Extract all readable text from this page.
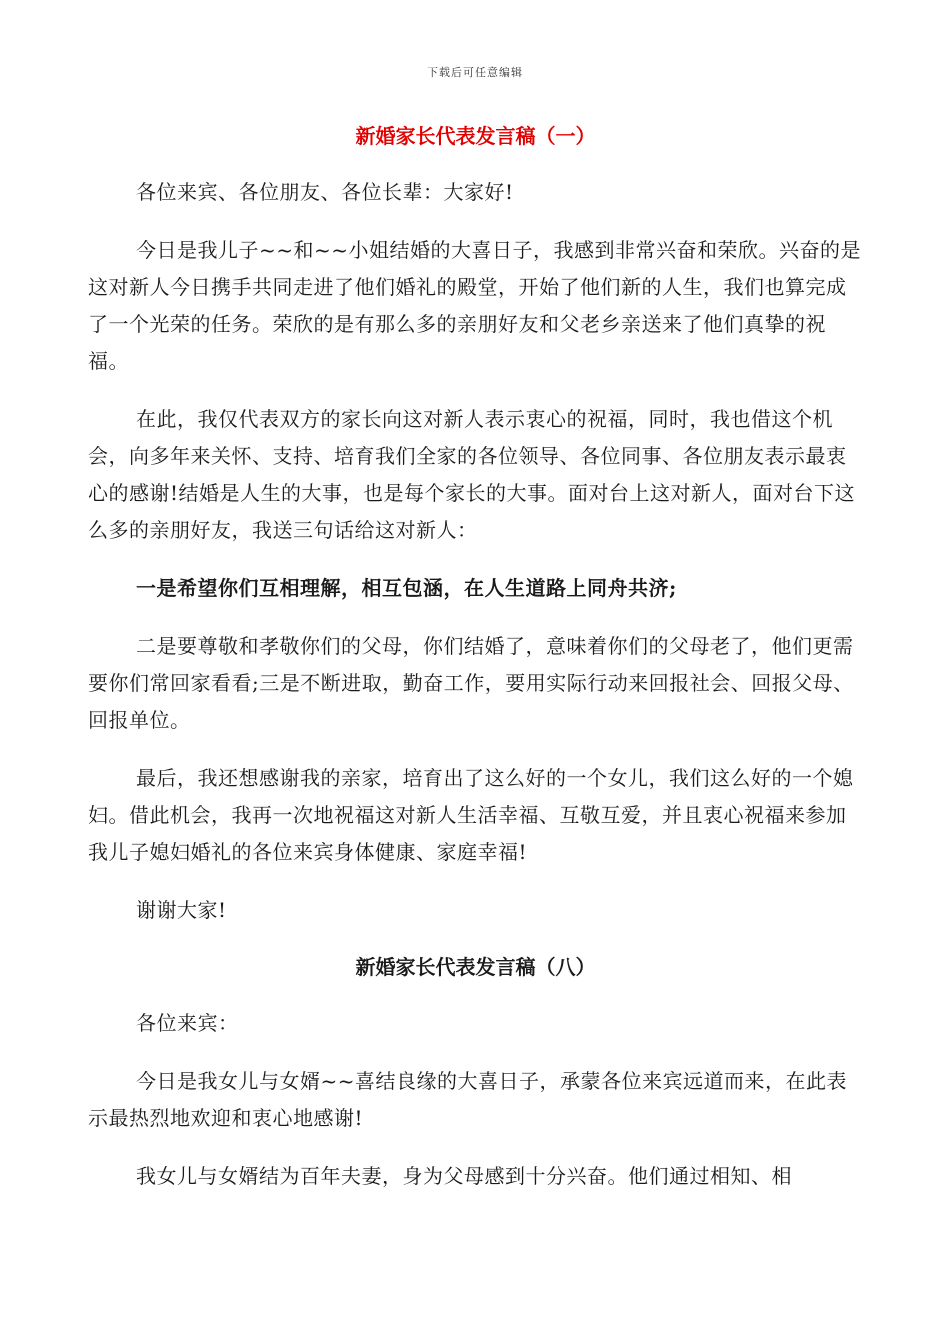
下载后可任意编辑
新婚家长代表发言稿（一）

各位来宾、各位朋友、各位长辈：大家好!

今日是我儿子~~和~~小姐结婚的大喜日子，我感到非常兴奋和荣欣。兴奋的是这对新人今日携手共同走进了他们婚礼的殿堂，开始了他们新的人生，我们也算完成了一个光荣的任务。荣欣的是有那么多的亲朋好友和父老乡亲送来了他们真挚的祝福。

在此，我仅代表双方的家长向这对新人表示衷心的祝福，同时，我也借这个机会，向多年来关怀、支持、培育我们全家的各位领导、各位同事、各位朋友表示最衷心的感谢!结婚是人生的大事，也是每个家长的大事。面对台上这对新人，面对台下这么多的亲朋好友，我送三句话给这对新人：

一是希望你们互相理解，相互包涵，在人生道路上同舟共济;

二是要尊敬和孝敬你们的父母，你们结婚了，意味着你们的父母老了，他们更需要你们常回家看看;三是不断进取，勤奋工作，要用实际行动来回报社会、回报父母、回报单位。

最后，我还想感谢我的亲家，培育出了这么好的一个女儿，我们这么好的一个媳妇。借此机会，我再一次地祝福这对新人生活幸福、互敬互爱，并且衷心祝福来参加我儿子媳妇婚礼的各位来宾身体健康、家庭幸福!

谢谢大家!

新婚家长代表发言稿（八）

各位来宾：

今日是我女儿与女婿~~喜结良缘的大喜日子，承蒙各位来宾远道而来，在此表示最热烈地欢迎和衷心地感谢!

我女儿与女婿结为百年夫妻，身为父母感到十分兴奋。他们通过相知、相
